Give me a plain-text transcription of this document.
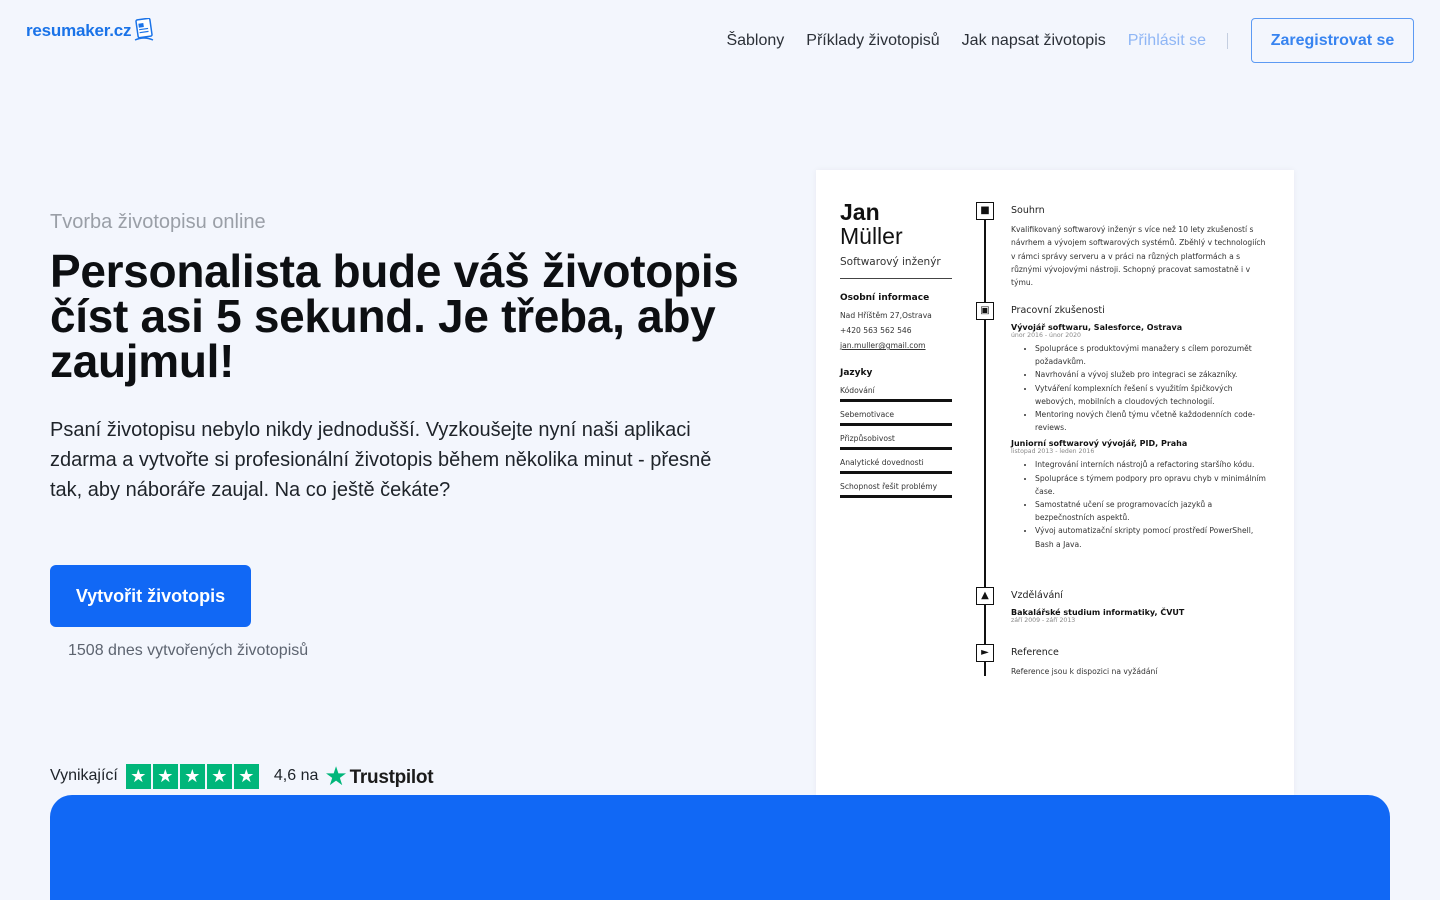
resumaker.cz	Šablony Příklady životopisů Jak napsat životopis Přihlásit se	Zaregistrovat se
Tvorba životopisu online
Personalista bude váš životopis číst asi 5 sekund. Je třeba, aby zaujmul!

Psaní životopisu nebylo nikdy jednodušší. Vyzkoušejte nyní naši aplikaci zdarma a vytvořte si profesionální životopis během několika minut - přesně tak, aby náboráře zaujal. Na co ještě čekáte?

Vytvořit životopis
1508 dnes vytvořených životopisů
Vynikající ★ ★ ★ ★ ★ 4,6 na ★ Trustpilot
Jan
Müller
Softwarový inženýr
Osobní informace
Nad Hříštěm 27,Ostrava
+420 563 562 546
jan.muller@gmail.com
Jazyky
Kódování
Sebemotivace
Přizpůsobivost
Analytické dovednosti
Schopnost řešit problémy
■	Souhrn

Kvalifikovaný softwarový inženýr s více než 10 lety zkušeností s návrhem a vývojem softwarových systémů. Zběhlý v technologiích v rámci správy serveru a v práci na různých platformách a s různými vývojovými nástroji. Schopný pracovat samostatně i v týmu.

▣	Pracovní zkušenosti
Vývojář softwaru, Salesforce, Ostrava
únor 2016 - únor 2020
• Spolupráce s produktovými manažery s cílem porozumět požadavkům.
• Navrhování a vývoj služeb pro integraci se zákazníky.
• Vytváření komplexních řešení s využitím špičkových webových, mobilních a cloudových technologií.
• Mentoring nových členů týmu včetně každodenních code-reviews.
Juniorní softwarový vývojář, PID, Praha
listopad 2013 - leden 2016
• Integrování interních nástrojů a refactoring staršího kódu.
• Spolupráce s týmem podpory pro opravu chyb v minimálním čase.
• Samostatné učení se programovacích jazyků a bezpečnostních aspektů.
• Vývoj automatizační skripty pomocí prostředí PowerShell, Bash a Java.
▲	Vzdělávání
Bakalářské studium informatiky, ČVUT
září 2009 - září 2013
►	Reference

Reference jsou k dispozici na vyžádání
